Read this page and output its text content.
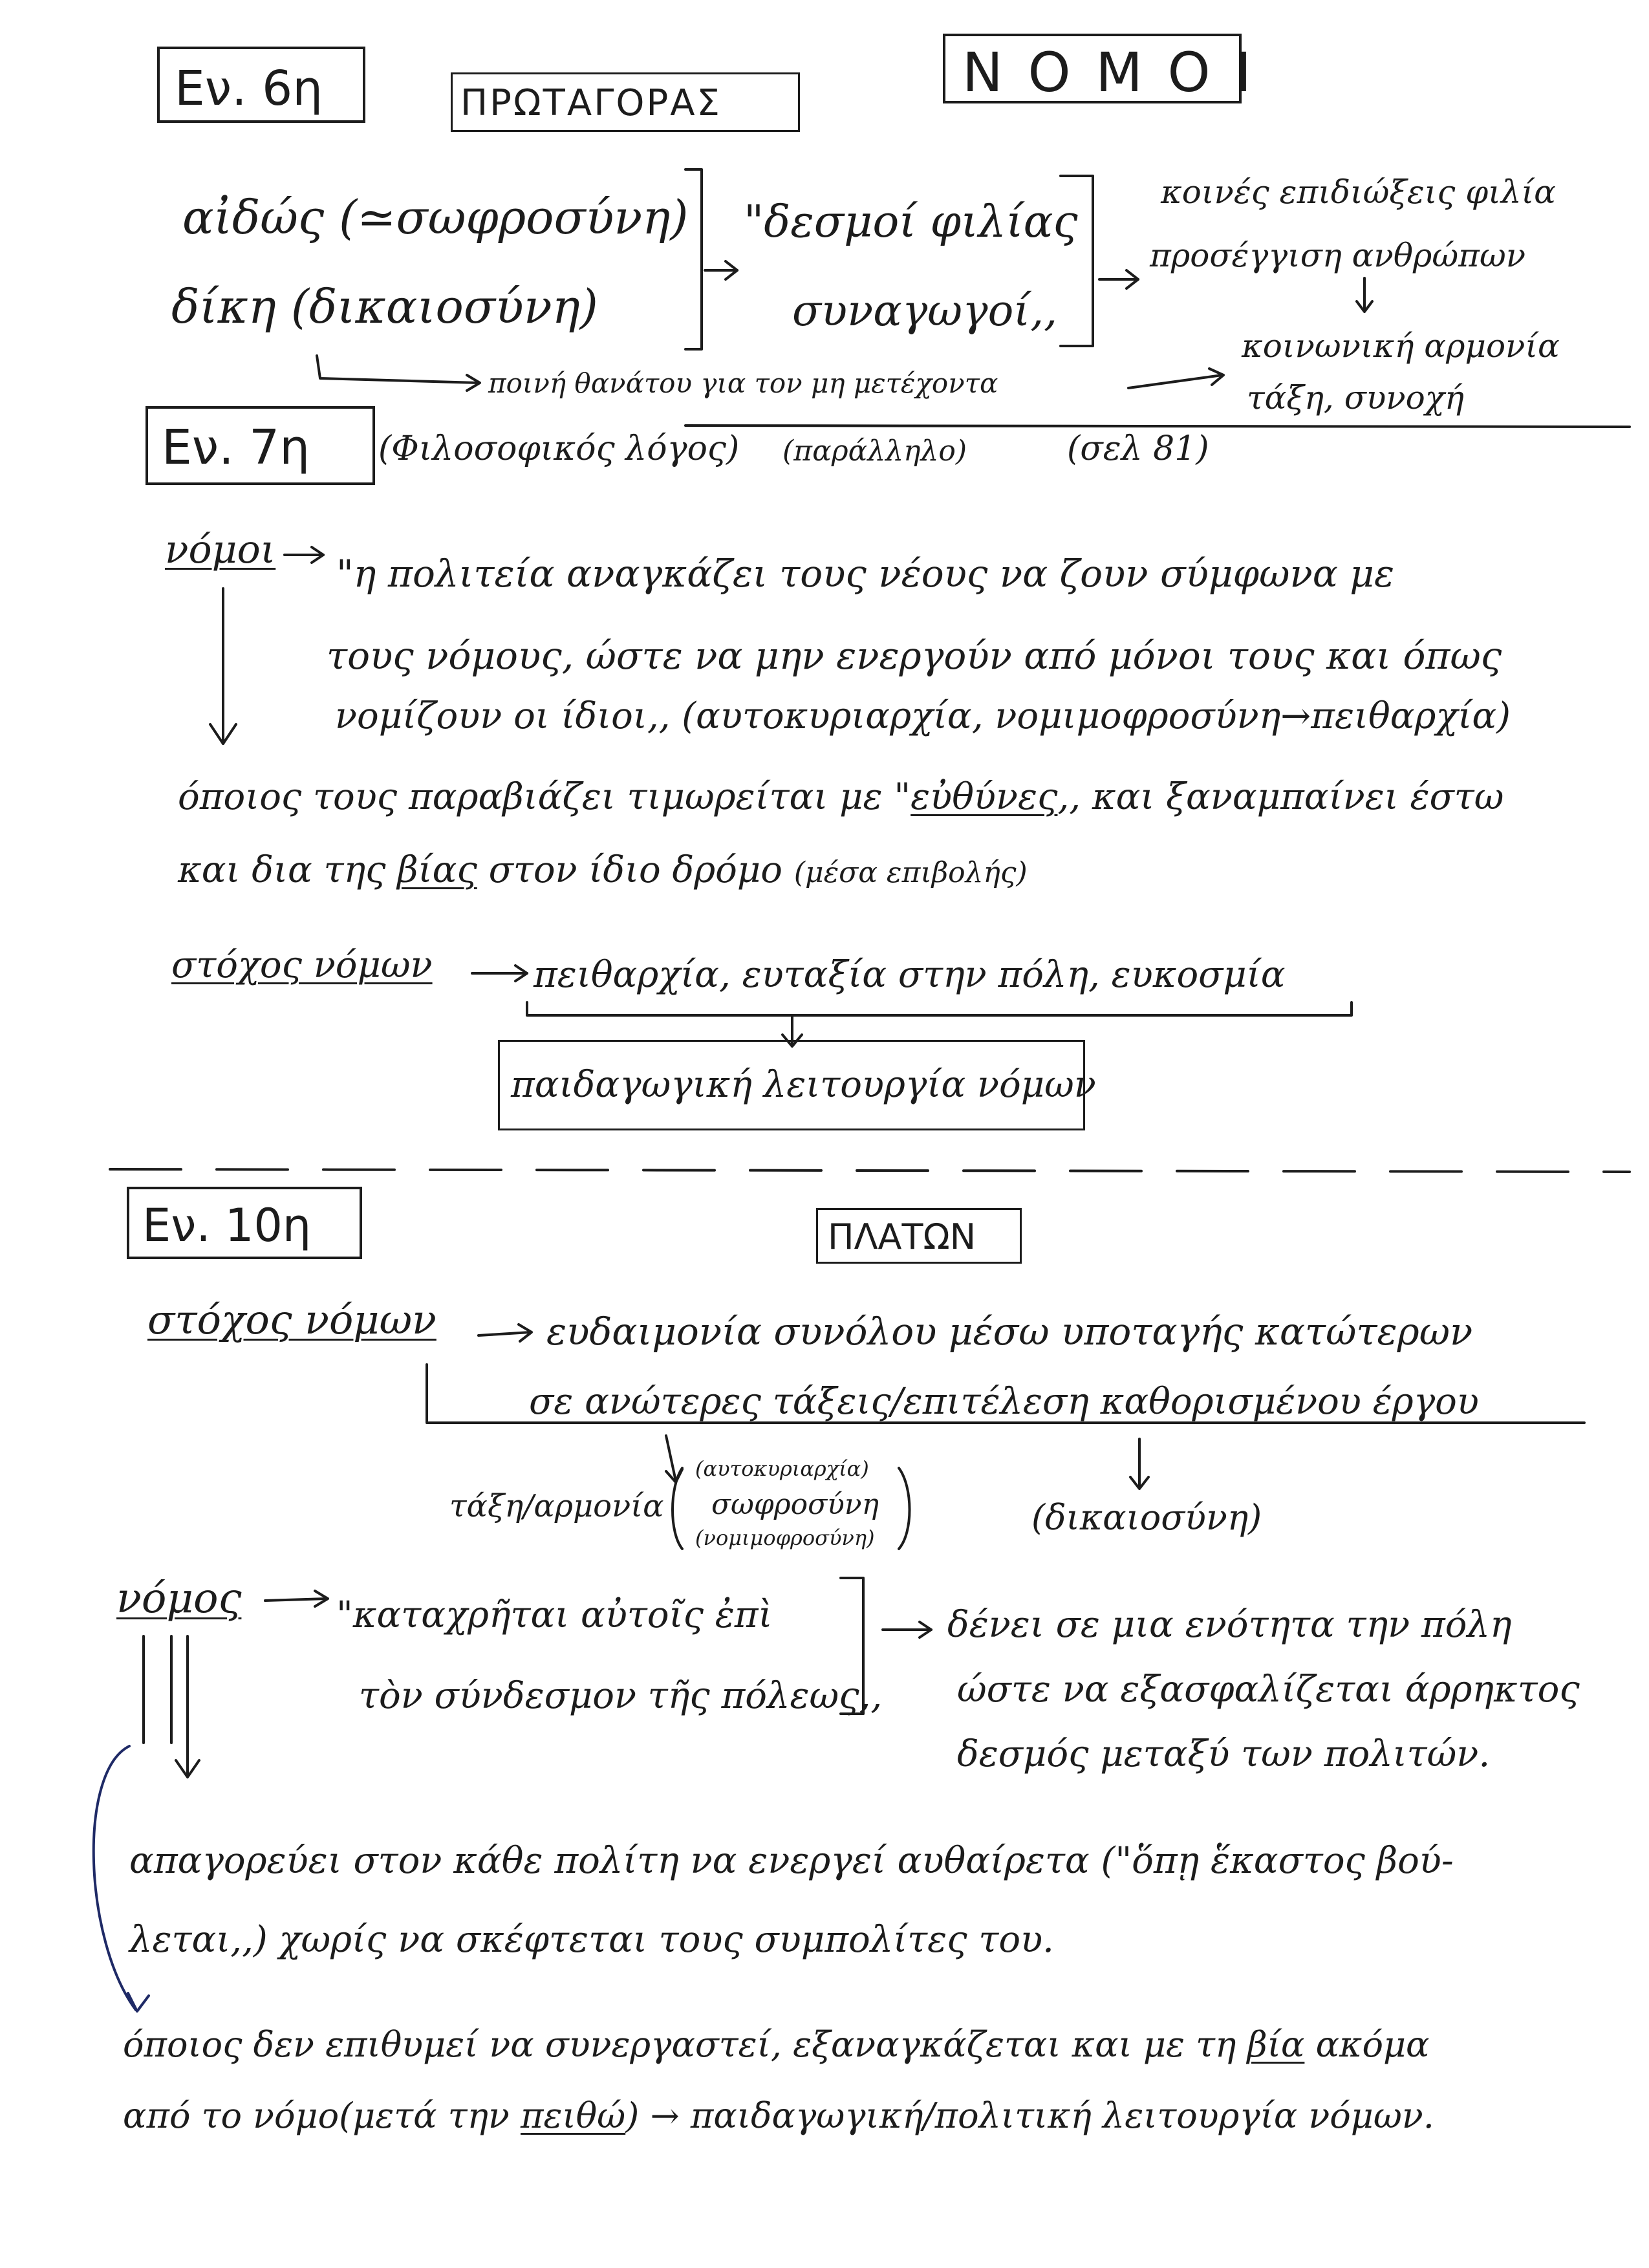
Εν. 6η	ΠΡΩΤΑΓΟΡΑΣ	Ν Ο Μ Ο Ι
αἰδώς (≃σωφροσύνη)
δίκη (δικαιοσύνη)
"δεσμοί φιλίας
συναγωγοί,,
κοινές επιδιώξεις φιλία
προσέγγιση ανθρώπων
κοινωνική αρμονία
τάξη, συνοχή
ποινή θανάτου για τον μη μετέχοντα
Εν. 7η (Φιλοσοφικός λόγος) (παράλληλο)	(σελ 81)
νόμοι
"η πολιτεία αναγκάζει τους νέους να ζουν σύμφωνα με
τους νόμους, ώστε να μην ενεργούν από μόνοι τους και όπως
νομίζουν οι ίδιοι,, (αυτοκυριαρχία, νομιμοφροσύνη→πειθαρχία)
όποιος τους παραβιάζει τιμωρείται με "εὐθύνες,, και ξαναμπαίνει έστω
και δια της βίας στον ίδιο δρόμο (μέσα επιβολής)
στόχος νόμων	πειθαρχία, ευταξία στην πόλη, ευκοσμία
παιδαγωγική λειτουργία νόμων
Εν. 10η	ΠΛΑΤΩΝ
στόχος νόμων	ευδαιμονία συνόλου μέσω υποταγής κατώτερων
σε ανώτερες τάξεις/επιτέλεση καθορισμένου έργου
τάξη/αρμονία
(αυτοκυριαρχία)
σωφροσύνη
(νομιμοφροσύνη)	(δικαιοσύνη)
νόμος	"καταχρῆται αὐτοῖς ἐπὶ
τὸν σύνδεσμον τῆς πόλεως,,
δένει σε μια ενότητα την πόλη
ώστε να εξασφαλίζεται άρρηκτος
δεσμός μεταξύ των πολιτών.
απαγορεύει στον κάθε πολίτη να ενεργεί αυθαίρετα ("ὅπῃ ἕκαστος βού-
λεται,,) χωρίς να σκέφτεται τους συμπολίτες του.
όποιος δεν επιθυμεί να συνεργαστεί, εξαναγκάζεται και με τη βία ακόμα
από το νόμο(μετά την πειθώ) → παιδαγωγική/πολιτική λειτουργία νόμων.
